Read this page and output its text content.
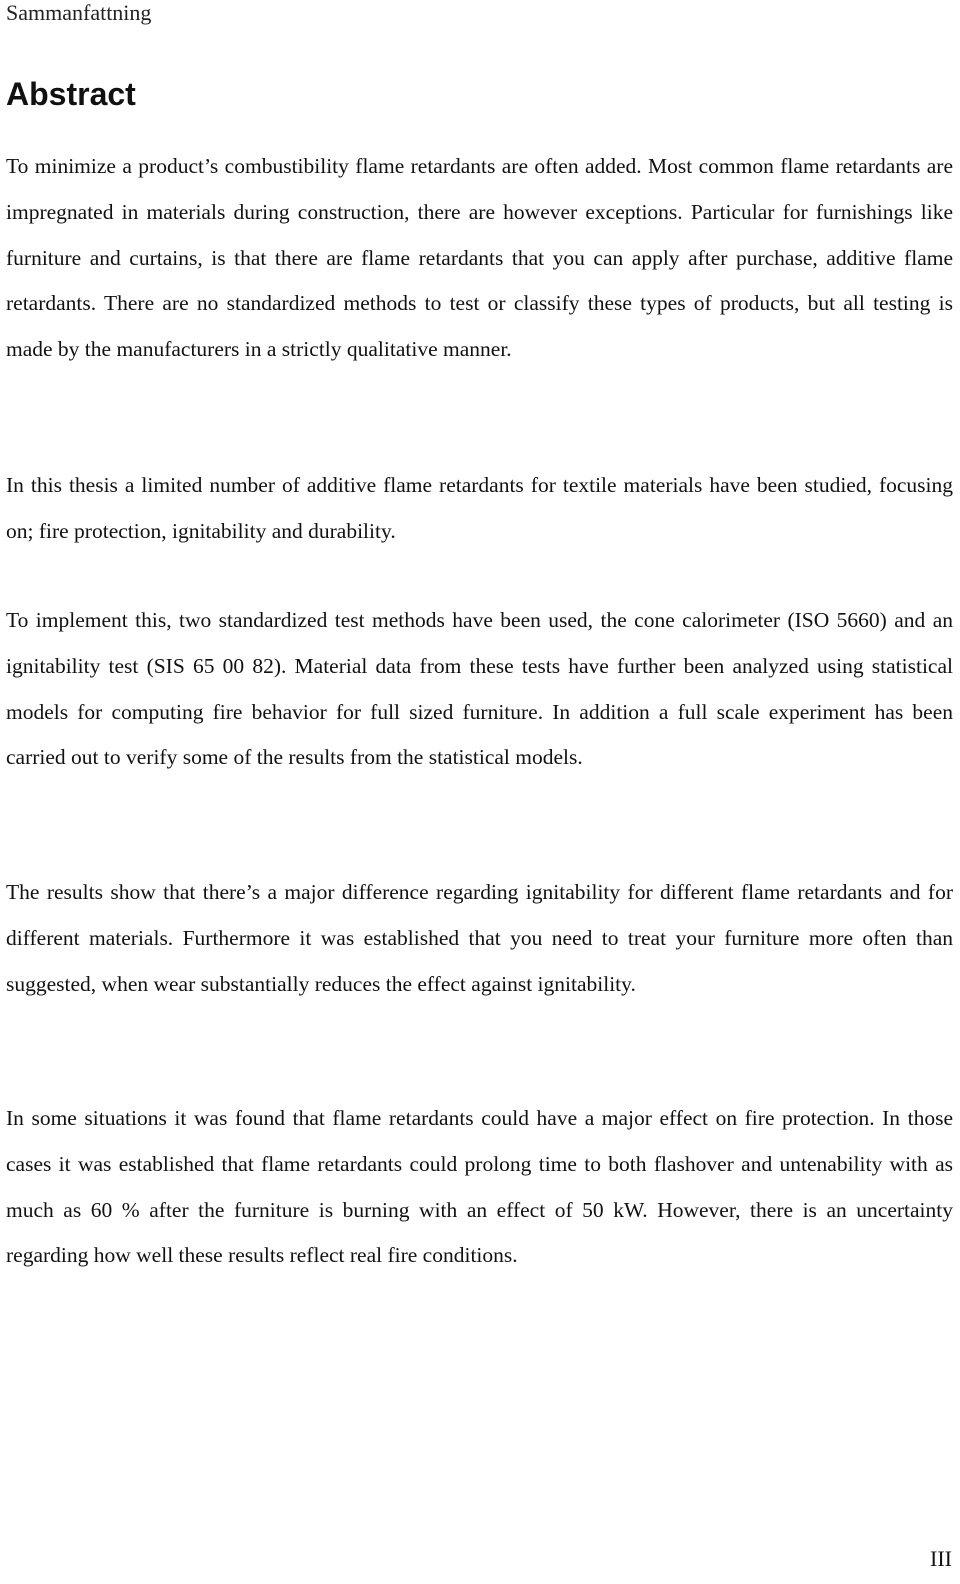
Sammanfattning
Abstract

To minimize a product’s combustibility flame retardants are often added. Most common flame retardants are impregnated in materials during construction, there are however exceptions. Particular for furnishings like furniture and curtains, is that there are flame retardants that you can apply after purchase, additive flame retardants. There are no standardized methods to test or classify these types of products, but all testing is made by the manufacturers in a strictly qualitative manner.

In this thesis a limited number of additive flame retardants for textile materials have been studied, focusing on; fire protection, ignitability and durability.

To implement this, two standardized test methods have been used, the cone calorimeter (ISO 5660) and an ignitability test (SIS 65 00 82). Material data from these tests have further been analyzed using statistical models for computing fire behavior for full sized furniture. In addition a full scale experiment has been carried out to verify some of the results from the statistical models.

The results show that there’s a major difference regarding ignitability for different flame retardants and for different materials. Furthermore it was established that you need to treat your furniture more often than suggested, when wear substantially reduces the effect against ignitability.

In some situations it was found that flame retardants could have a major effect on fire protection. In those cases it was established that flame retardants could prolong time to both flashover and untenability with as much as 60 % after the furniture is burning with an effect of 50 kW. However, there is an uncertainty regarding how well these results reflect real fire conditions.

III
